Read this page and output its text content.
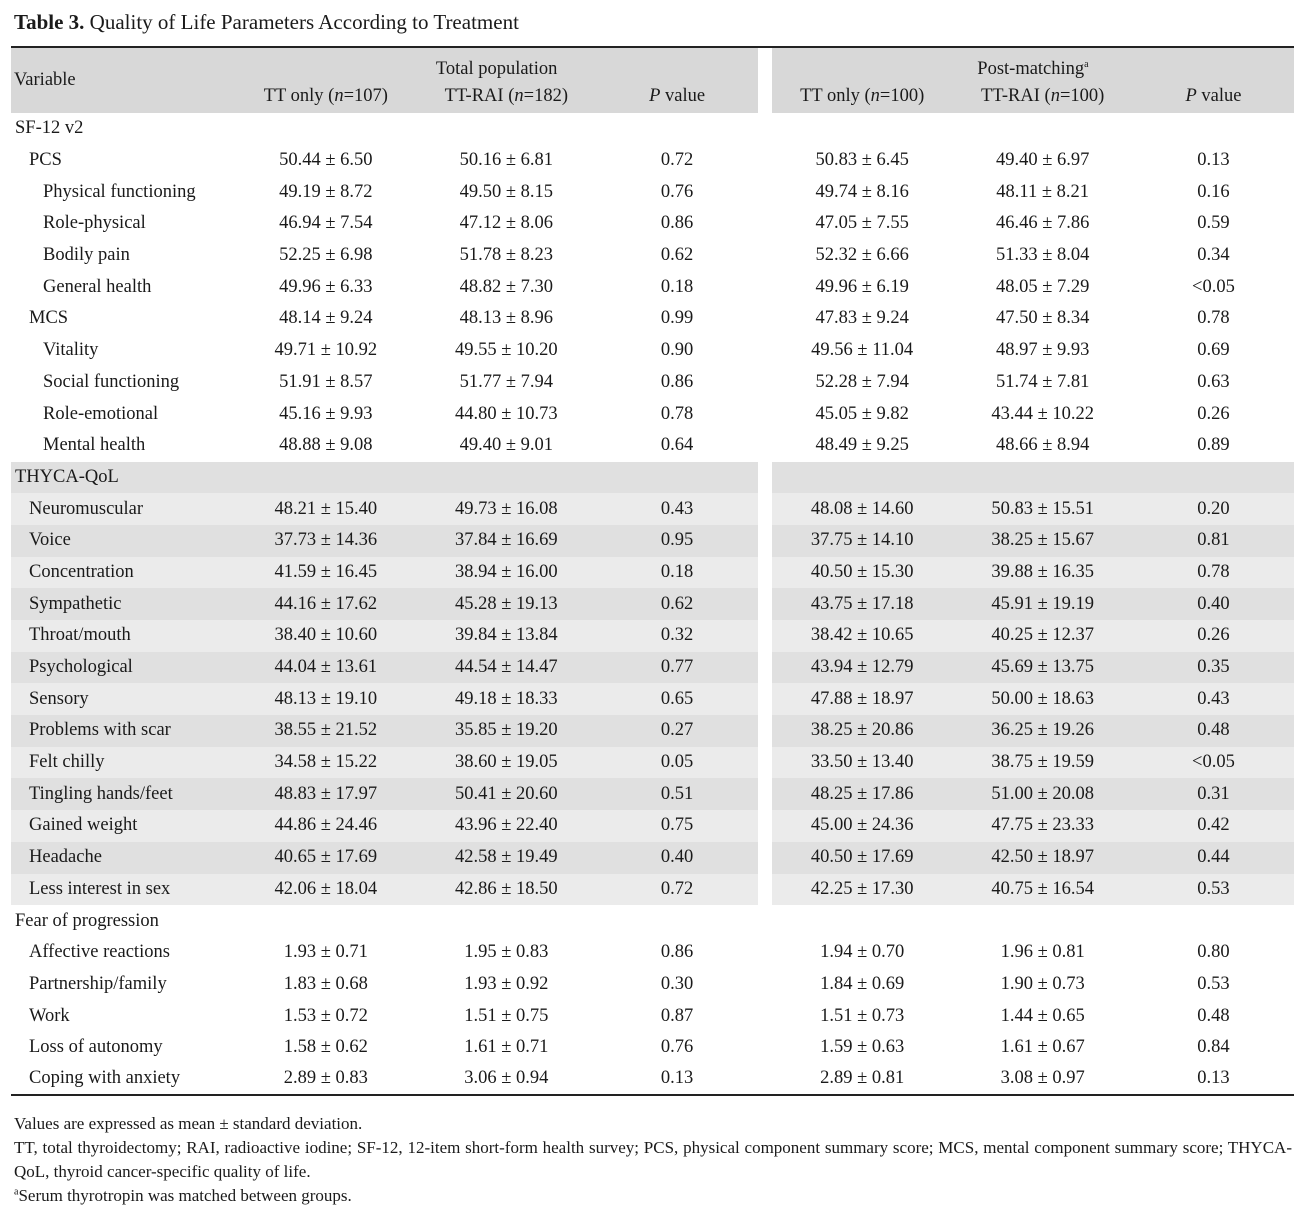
Table 3. Quality of Life Parameters According to Treatment
Variable	Total population				Post-matching$^a$
	TT only (n=107)	TT-RAI (n=182)	P value		TT only (n=100)	TT-RAI (n=100)	P value
SF-12 v2							
PCS	50.44 ± 6.50	50.16 ± 6.81	0.72		50.83 ± 6.45	49.40 ± 6.97	0.13
Physical functioning	49.19 ± 8.72	49.50 ± 8.15	0.76		49.74 ± 8.16	48.11 ± 8.21	0.16
Role-physical	46.94 ± 7.54	47.12 ± 8.06	0.86		47.05 ± 7.55	46.46 ± 7.86	0.59
Bodily pain	52.25 ± 6.98	51.78 ± 8.23	0.62		52.32 ± 6.66	51.33 ± 8.04	0.34
General health	49.96 ± 6.33	48.82 ± 7.30	0.18		49.96 ± 6.19	48.05 ± 7.29	<0.05
MCS	48.14 ± 9.24	48.13 ± 8.96	0.99		47.83 ± 9.24	47.50 ± 8.34	0.78
Vitality	49.71 ± 10.92	49.55 ± 10.20	0.90		49.56 ± 11.04	48.97 ± 9.93	0.69
Social functioning	51.91 ± 8.57	51.77 ± 7.94	0.86		52.28 ± 7.94	51.74 ± 7.81	0.63
Role-emotional	45.16 ± 9.93	44.80 ± 10.73	0.78		45.05 ± 9.82	43.44 ± 10.22	0.26
Mental health	48.88 ± 9.08	49.40 ± 9.01	0.64		48.49 ± 9.25	48.66 ± 8.94	0.89
THYCA-QoL							
Neuromuscular	48.21 ± 15.40	49.73 ± 16.08	0.43		48.08 ± 14.60	50.83 ± 15.51	0.20
Voice	37.73 ± 14.36	37.84 ± 16.69	0.95		37.75 ± 14.10	38.25 ± 15.67	0.81
Concentration	41.59 ± 16.45	38.94 ± 16.00	0.18		40.50 ± 15.30	39.88 ± 16.35	0.78
Sympathetic	44.16 ± 17.62	45.28 ± 19.13	0.62		43.75 ± 17.18	45.91 ± 19.19	0.40
Throat/mouth	38.40 ± 10.60	39.84 ± 13.84	0.32		38.42 ± 10.65	40.25 ± 12.37	0.26
Psychological	44.04 ± 13.61	44.54 ± 14.47	0.77		43.94 ± 12.79	45.69 ± 13.75	0.35
Sensory	48.13 ± 19.10	49.18 ± 18.33	0.65		47.88 ± 18.97	50.00 ± 18.63	0.43
Problems with scar	38.55 ± 21.52	35.85 ± 19.20	0.27		38.25 ± 20.86	36.25 ± 19.26	0.48
Felt chilly	34.58 ± 15.22	38.60 ± 19.05	0.05		33.50 ± 13.40	38.75 ± 19.59	<0.05
Tingling hands/feet	48.83 ± 17.97	50.41 ± 20.60	0.51		48.25 ± 17.86	51.00 ± 20.08	0.31
Gained weight	44.86 ± 24.46	43.96 ± 22.40	0.75		45.00 ± 24.36	47.75 ± 23.33	0.42
Headache	40.65 ± 17.69	42.58 ± 19.49	0.40		40.50 ± 17.69	42.50 ± 18.97	0.44
Less interest in sex	42.06 ± 18.04	42.86 ± 18.50	0.72		42.25 ± 17.30	40.75 ± 16.54	0.53
Fear of progression							
Affective reactions	1.93 ± 0.71	1.95 ± 0.83	0.86		1.94 ± 0.70	1.96 ± 0.81	0.80
Partnership/family	1.83 ± 0.68	1.93 ± 0.92	0.30		1.84 ± 0.69	1.90 ± 0.73	0.53
Work	1.53 ± 0.72	1.51 ± 0.75	0.87		1.51 ± 0.73	1.44 ± 0.65	0.48
Loss of autonomy	1.58 ± 0.62	1.61 ± 0.71	0.76		1.59 ± 0.63	1.61 ± 0.67	0.84
Coping with anxiety	2.89 ± 0.83	3.06 ± 0.94	0.13		2.89 ± 0.81	3.08 ± 0.97	0.13

Values are expressed as mean ± standard deviation.

TT, total thyroidectomy; RAI, radioactive iodine; SF-12, 12-item short-form health survey; PCS, physical component summary score; MCS, mental component summary score; THYCA-QoL, thyroid cancer-specific quality of life.

$^a$Serum thyrotropin was matched between groups.
